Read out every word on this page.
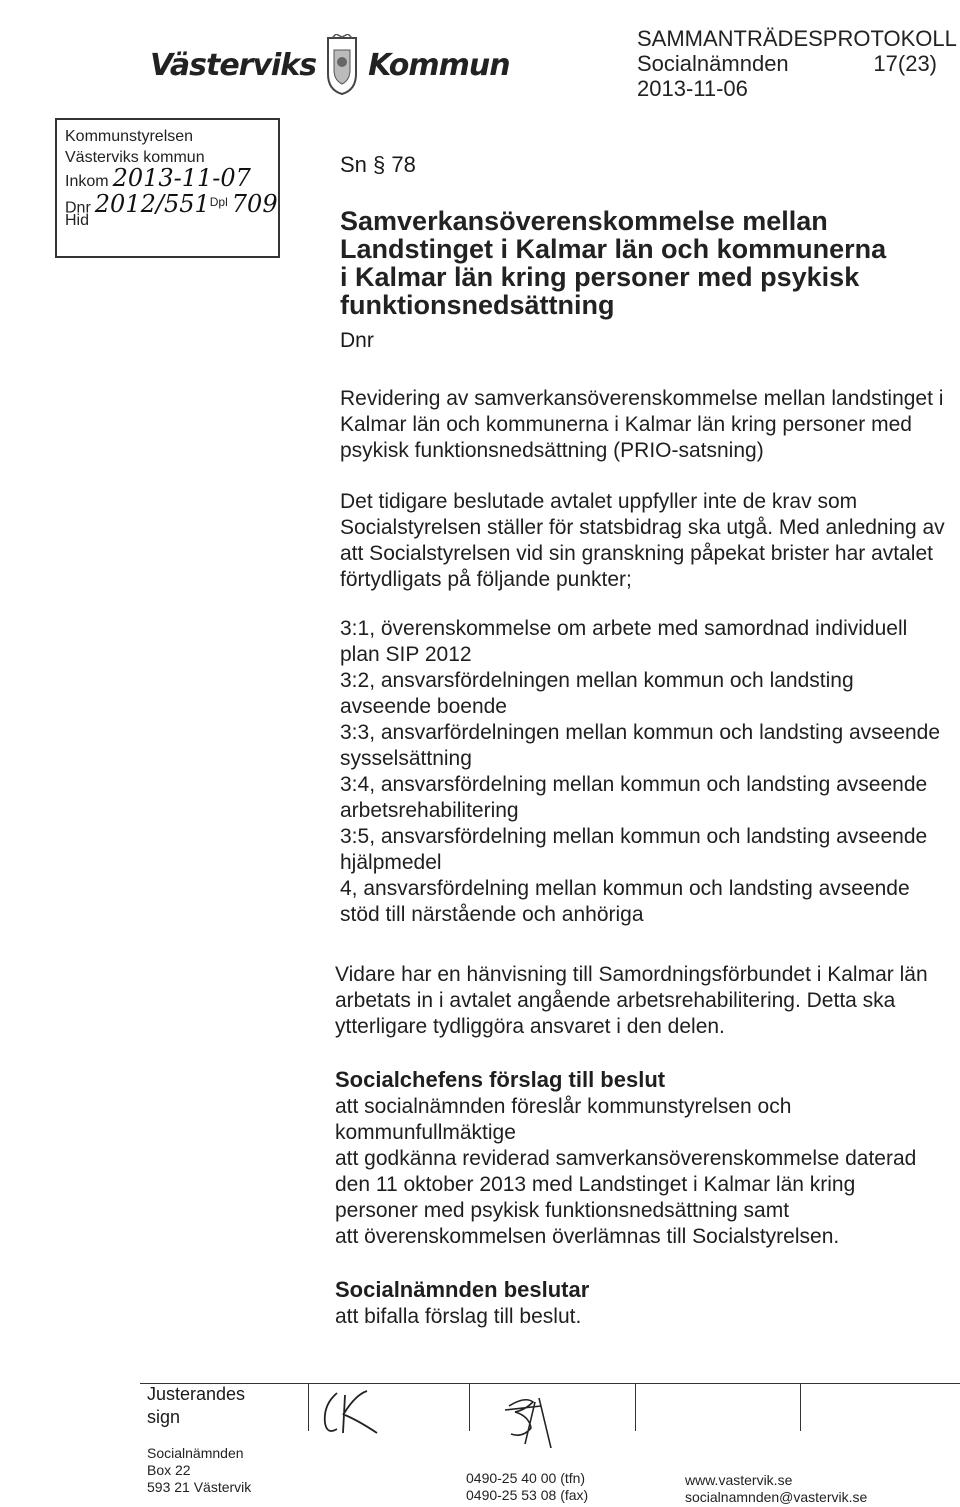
Västerviks Kommun
SAMMANTRÄDESPROTOKOLL
Socialnämnden	17(23)
2013-11-06
Kommunstyrelsen
Västerviks kommun
Inkom 2013-11-07
Dnr $2012/551^{Dpl}$ 709
Hid
Sn § 78
Samverkansöverenskommelse mellan Landstinget i Kalmar län och kommunerna i Kalmar län kring personer med psykisk funktionsnedsättning
Dnr
Revidering av samverkansöverenskommelse mellan landstinget i Kalmar län och kommunerna i Kalmar län kring personer med psykisk funktionsnedsättning (PRIO-satsning)
Det tidigare beslutade avtalet uppfyller inte de krav som Socialstyrelsen ställer för statsbidrag ska utgå. Med anledning av att Socialstyrelsen vid sin granskning påpekat brister har avtalet förtydligats på följande punkter;
3:1, överenskommelse om arbete med samordnad individuell plan SIP 2012
3:2, ansvarsfördelningen mellan kommun och landsting avseende boende
3:3, ansvarfördelningen mellan kommun och landsting avseende sysselsättning
3:4, ansvarsfördelning mellan kommun och landsting avseende arbetsrehabilitering
3:5, ansvarsfördelning mellan kommun och landsting avseende hjälpmedel
4, ansvarsfördelning mellan kommun och landsting avseende stöd till närstående och anhöriga
Vidare har en hänvisning till Samordningsförbundet i Kalmar län arbetats in i avtalet angående arbetsrehabilitering. Detta ska ytterligare tydliggöra ansvaret i den delen.
Socialchefens förslag till beslut
att socialnämnden föreslår kommunstyrelsen och kommunfullmäktige
att godkänna reviderad samverkansöverenskommelse daterad den 11 oktober 2013 med Landstinget i Kalmar län kring personer med psykisk funktionsnedsättning samt
att överenskommelsen överlämnas till Socialstyrelsen.
Socialnämnden beslutar
att bifalla förslag till beslut.
Justerandes
sign
Socialnämnden
Box 22
593 21 Västervik
0490-25 40 00 (tfn)
0490-25 53 08 (fax)
www.vastervik.se
socialnamnden@vastervik.se
